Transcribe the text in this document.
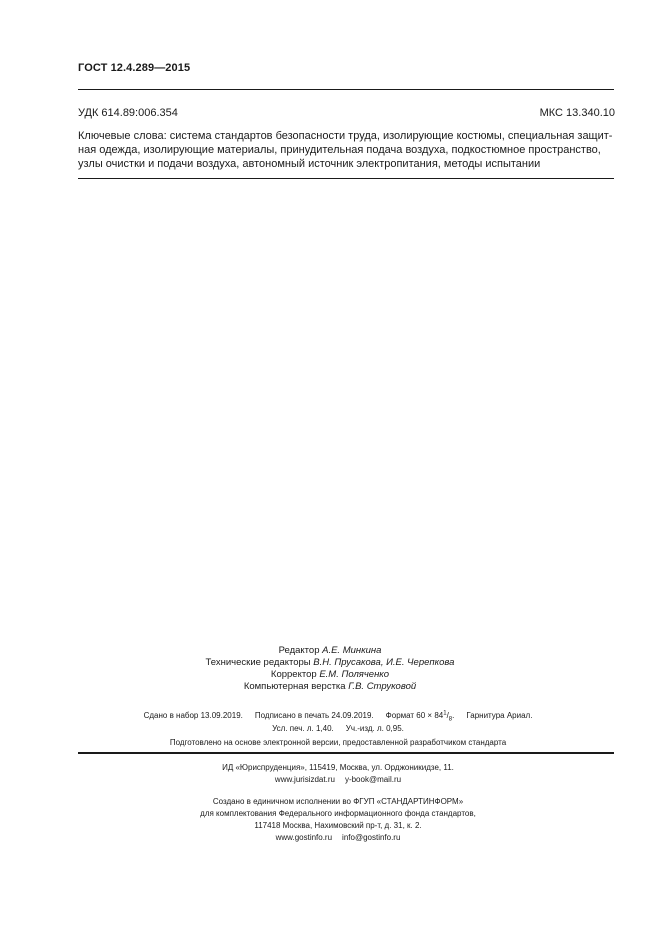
ГОСТ 12.4.289—2015
УДК 614.89:006.354	МКС 13.340.10
Ключевые слова: система стандартов безопасности труда, изолирующие костюмы, специальная защит-
ная одежда, изолирующие материалы, принудительная подача воздуха, подкостюмное пространство,
узлы очистки и подачи воздуха, автономный источник электропитания, методы испытании
Редактор А.Е. Минкина
Технические редакторы В.Н. Прусакова, И.Е. Черепкова
Корректор Е.М. Поляченко
Компьютерная верстка Г.В. Струковой
Сдано в набор 13.09.2019. Подписано в печать 24.09.2019. Формат $60 \times 84^1/_8$. Гарнитура Ариал.
Усл. печ. л. 1,40. Уч.-изд. л. 0,95.
Подготовлено на основе электронной версии, предоставленной разработчиком стандарта
ИД «Юриспруденция», 115419, Москва, ул. Орджоникидзе, 11.
www.jurisizdat.ru y-book@mail.ru
Создано в единичном исполнении во ФГУП «СТАНДАРТИНФОРМ»
для комплектования Федерального информационного фонда стандартов,
117418 Москва, Нахимовский пр-т, д. 31, к. 2.
www.gostinfo.ru info@gostinfo.ru
